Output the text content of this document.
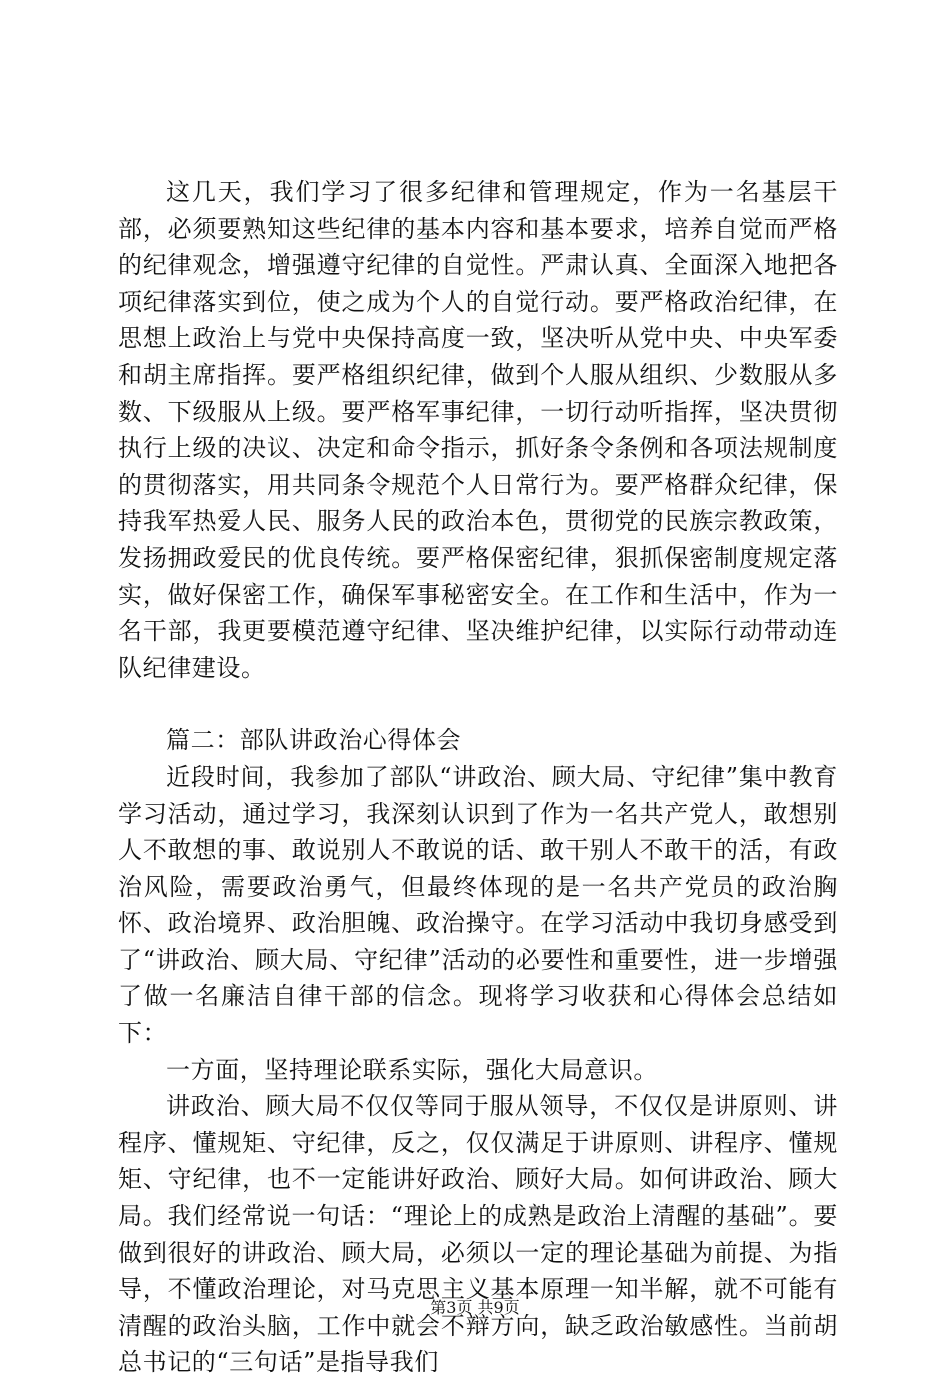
这几天，我们学习了很多纪律和管理规定，作为一名基层干部，必须要熟知这些纪律的基本内容和基本要求，培养自觉而严格的纪律观念，增强遵守纪律的自觉性。严肃认真、全面深入地把各项纪律落实到位，使之成为个人的自觉行动。要严格政治纪律，在思想上政治上与党中央保持高度一致，坚决听从党中央、中央军委和胡主席指挥。要严格组织纪律，做到个人服从组织、少数服从多数、下级服从上级。要严格军事纪律，一切行动听指挥，坚决贯彻执行上级的决议、决定和命令指示，抓好条令条例和各项法规制度的贯彻落实，用共同条令规范个人日常行为。要严格群众纪律，保持我军热爱人民、服务人民的政治本色，贯彻党的民族宗教政策，发扬拥政爱民的优良传统。要严格保密纪律，狠抓保密制度规定落实，做好保密工作，确保军事秘密安全。在工作和生活中，作为一名干部，我更要模范遵守纪律、坚决维护纪律，以实际行动带动连队纪律建设。

篇二：部队讲政治心得体会

近段时间，我参加了部队“讲政治、顾大局、守纪律”集中教育学习活动，通过学习，我深刻认识到了作为一名共产党人，敢想别人不敢想的事、敢说别人不敢说的话、敢干别人不敢干的活，有政治风险，需要政治勇气，但最终体现的是一名共产党员的政治胸怀、政治境界、政治胆魄、政治操守。在学习活动中我切身感受到了“讲政治、顾大局、守纪律”活动的必要性和重要性，进一步增强了做一名廉洁自律干部的信念。现将学习收获和心得体会总结如下：

一方面，坚持理论联系实际，强化大局意识。

讲政治、顾大局不仅仅等同于服从领导，不仅仅是讲原则、讲程序、懂规矩、守纪律，反之，仅仅满足于讲原则、讲程序、懂规矩、守纪律，也不一定能讲好政治、顾好大局。如何讲政治、顾大局。我们经常说一句话：“理论上的成熟是政治上清醒的基础”。要做到很好的讲政治、顾大局，必须以一定的理论基础为前提、为指导，不懂政治理论，对马克思主义基本原理一知半解，就不可能有清醒的政治头脑，工作中就会不辩方向，缺乏政治敏感性。当前胡总书记的“三句话”是指导我们

第3页 共9页
